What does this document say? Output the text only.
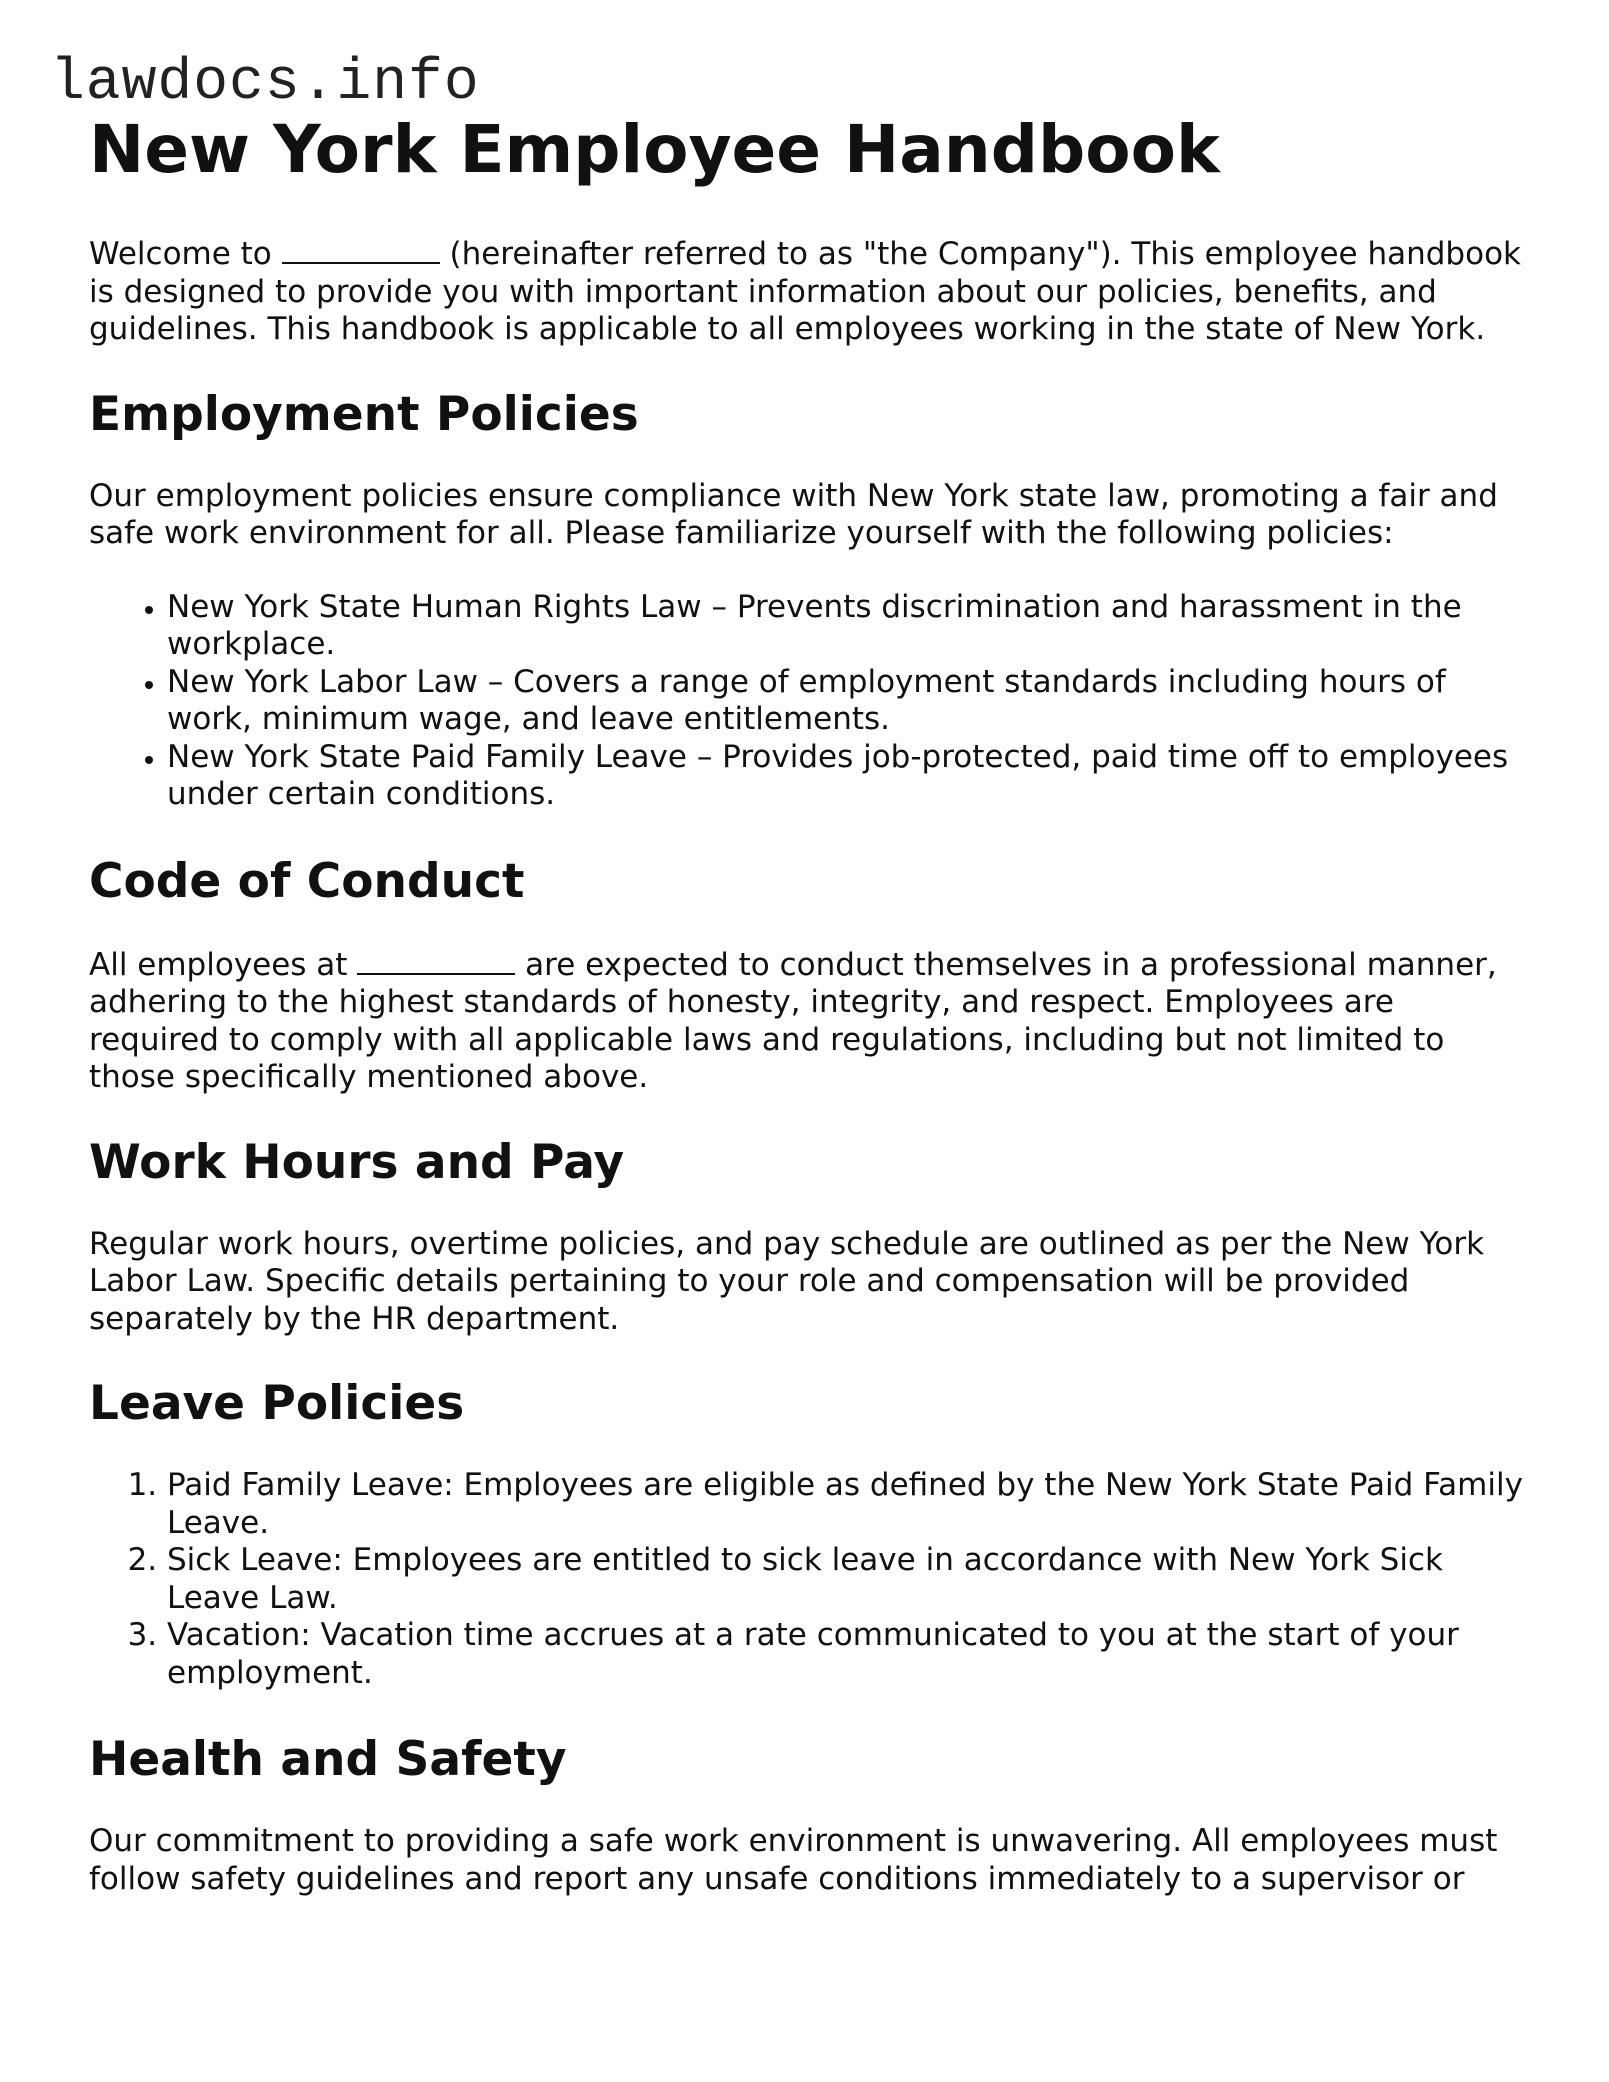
lawdocs.info
New York Employee Handbook

Welcome to	(hereinafter referred to as "the Company"). This employee handbook is designed to provide you with important information about our policies, benefits, and guidelines. This handbook is applicable to all employees working in the state of New York.

Employment Policies

Our employment policies ensure compliance with New York state law, promoting a fair and safe work environment for all. Please familiarize yourself with the following policies:

• New York State Human Rights Law – Prevents discrimination and harassment in the workplace.
• New York Labor Law – Covers a range of employment standards including hours of work, minimum wage, and leave entitlements.
• New York State Paid Family Leave – Provides job-protected, paid time off to employees under certain conditions.
Code of Conduct

All employees at	are expected to conduct themselves in a professional manner, adhering to the highest standards of honesty, integrity, and respect. Employees are required to comply with all applicable laws and regulations, including but not limited to those specifically mentioned above.

Work Hours and Pay

Regular work hours, overtime policies, and pay schedule are outlined as per the New York Labor Law. Specific details pertaining to your role and compensation will be provided separately by the HR department.

Leave Policies
1. Paid Family Leave: Employees are eligible as defined by the New York State Paid Family Leave.
2. Sick Leave: Employees are entitled to sick leave in accordance with New York Sick Leave Law.
3. Vacation: Vacation time accrues at a rate communicated to you at the start of your employment.
Health and Safety

Our commitment to providing a safe work environment is unwavering. All employees must follow safety guidelines and report any unsafe conditions immediately to a supervisor or
